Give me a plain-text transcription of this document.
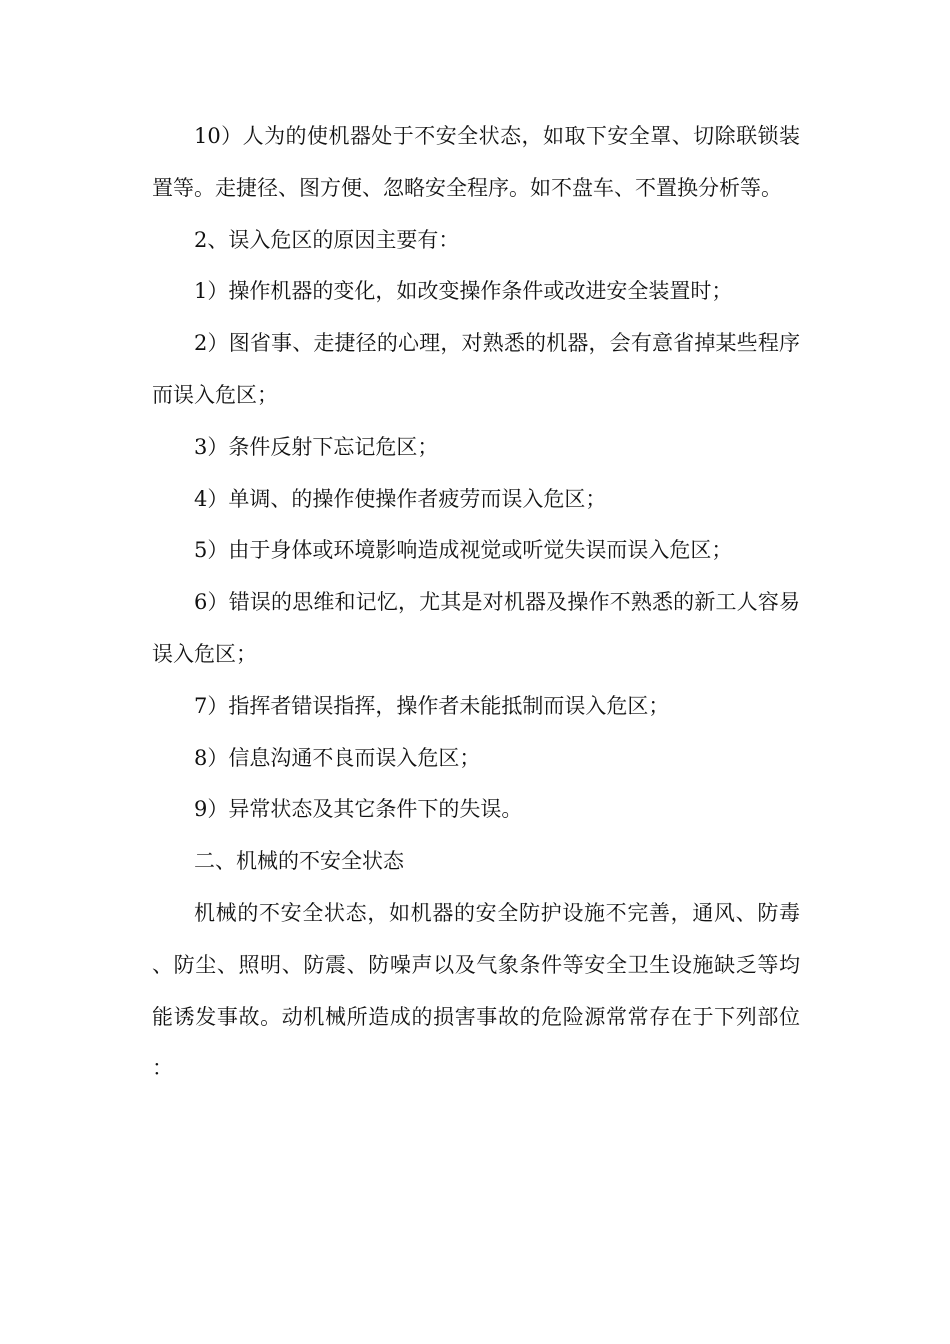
10）人为的使机器处于不安全状态，如取下安全罩、切除联锁装置等。走捷径、图方便、忽略安全程序。如不盘车、不置换分析等。

2、误入危区的原因主要有：

1）操作机器的变化，如改变操作条件或改进安全装置时；

2）图省事、走捷径的心理，对熟悉的机器，会有意省掉某些程序而误入危区；

3）条件反射下忘记危区；

4）单调、的操作使操作者疲劳而误入危区；

5）由于身体或环境影响造成视觉或听觉失误而误入危区；

6）错误的思维和记忆，尤其是对机器及操作不熟悉的新工人容易误入危区；

7）指挥者错误指挥，操作者未能抵制而误入危区；

8）信息沟通不良而误入危区；

9）异常状态及其它条件下的失误。

二、机械的不安全状态

机械的不安全状态，如机器的安全防护设施不完善，通风、防毒、防尘、照明、防震、防噪声以及气象条件等安全卫生设施缺乏等均能诱发事故。动机械所造成的损害事故的危险源常常存在于下列部位：
